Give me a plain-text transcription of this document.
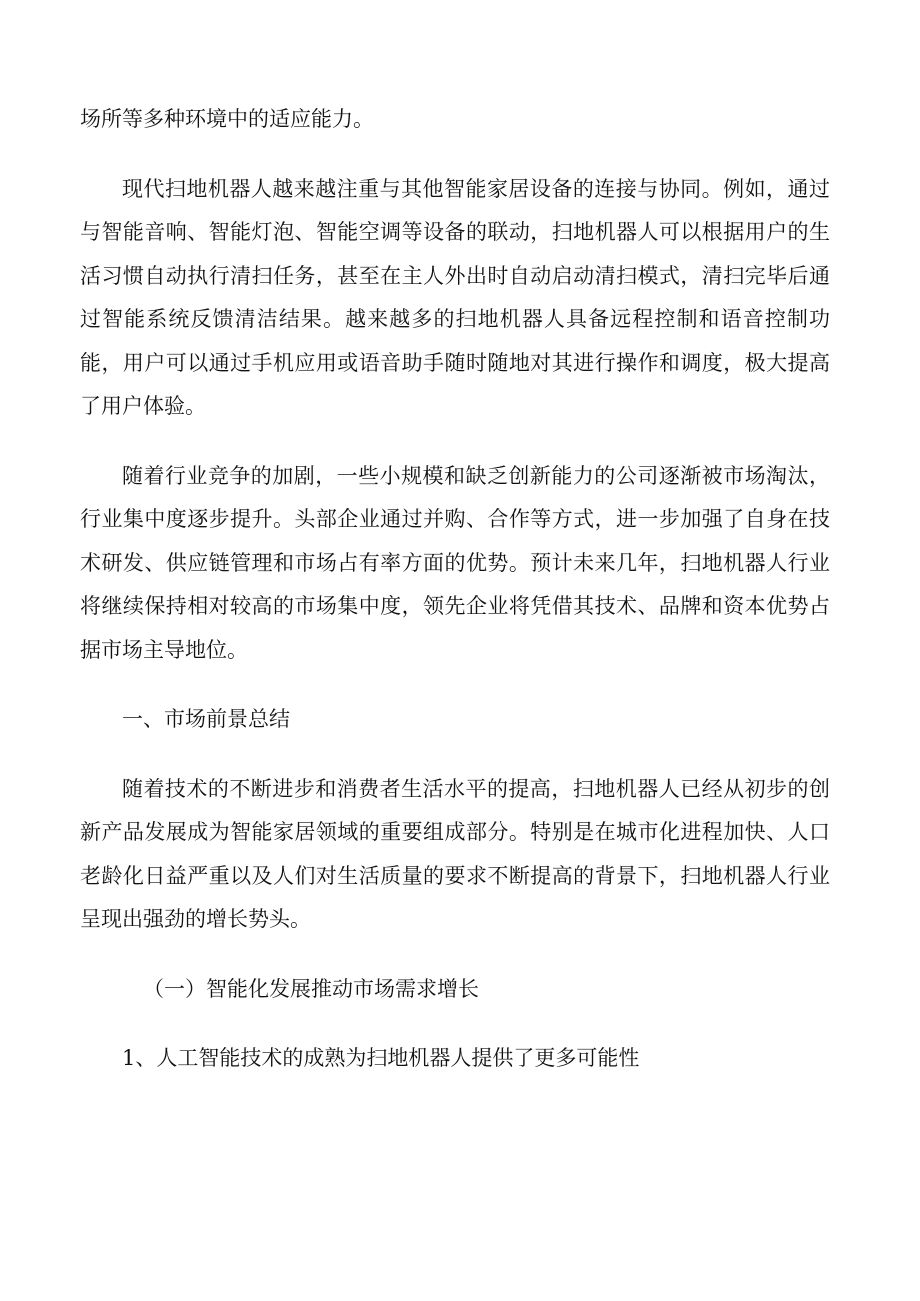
场所等多种环境中的适应能力。

现代扫地机器人越来越注重与其他智能家居设备的连接与协同。例如，通过与智能音响、智能灯泡、智能空调等设备的联动，扫地机器人可以根据用户的生活习惯自动执行清扫任务，甚至在主人外出时自动启动清扫模式，清扫完毕后通过智能系统反馈清洁结果。越来越多的扫地机器人具备远程控制和语音控制功能，用户可以通过手机应用或语音助手随时随地对其进行操作和调度，极大提高了用户体验。

随着行业竞争的加剧，一些小规模和缺乏创新能力的公司逐渐被市场淘汰，行业集中度逐步提升。头部企业通过并购、合作等方式，进一步加强了自身在技术研发、供应链管理和市场占有率方面的优势。预计未来几年，扫地机器人行业将继续保持相对较高的市场集中度，领先企业将凭借其技术、品牌和资本优势占据市场主导地位。

一、市场前景总结

随着技术的不断进步和消费者生活水平的提高，扫地机器人已经从初步的创新产品发展成为智能家居领域的重要组成部分。特别是在城市化进程加快、人口老龄化日益严重以及人们对生活质量的要求不断提高的背景下，扫地机器人行业呈现出强劲的增长势头。

（一）智能化发展推动市场需求增长
1、人工智能技术的成熟为扫地机器人提供了更多可能性
